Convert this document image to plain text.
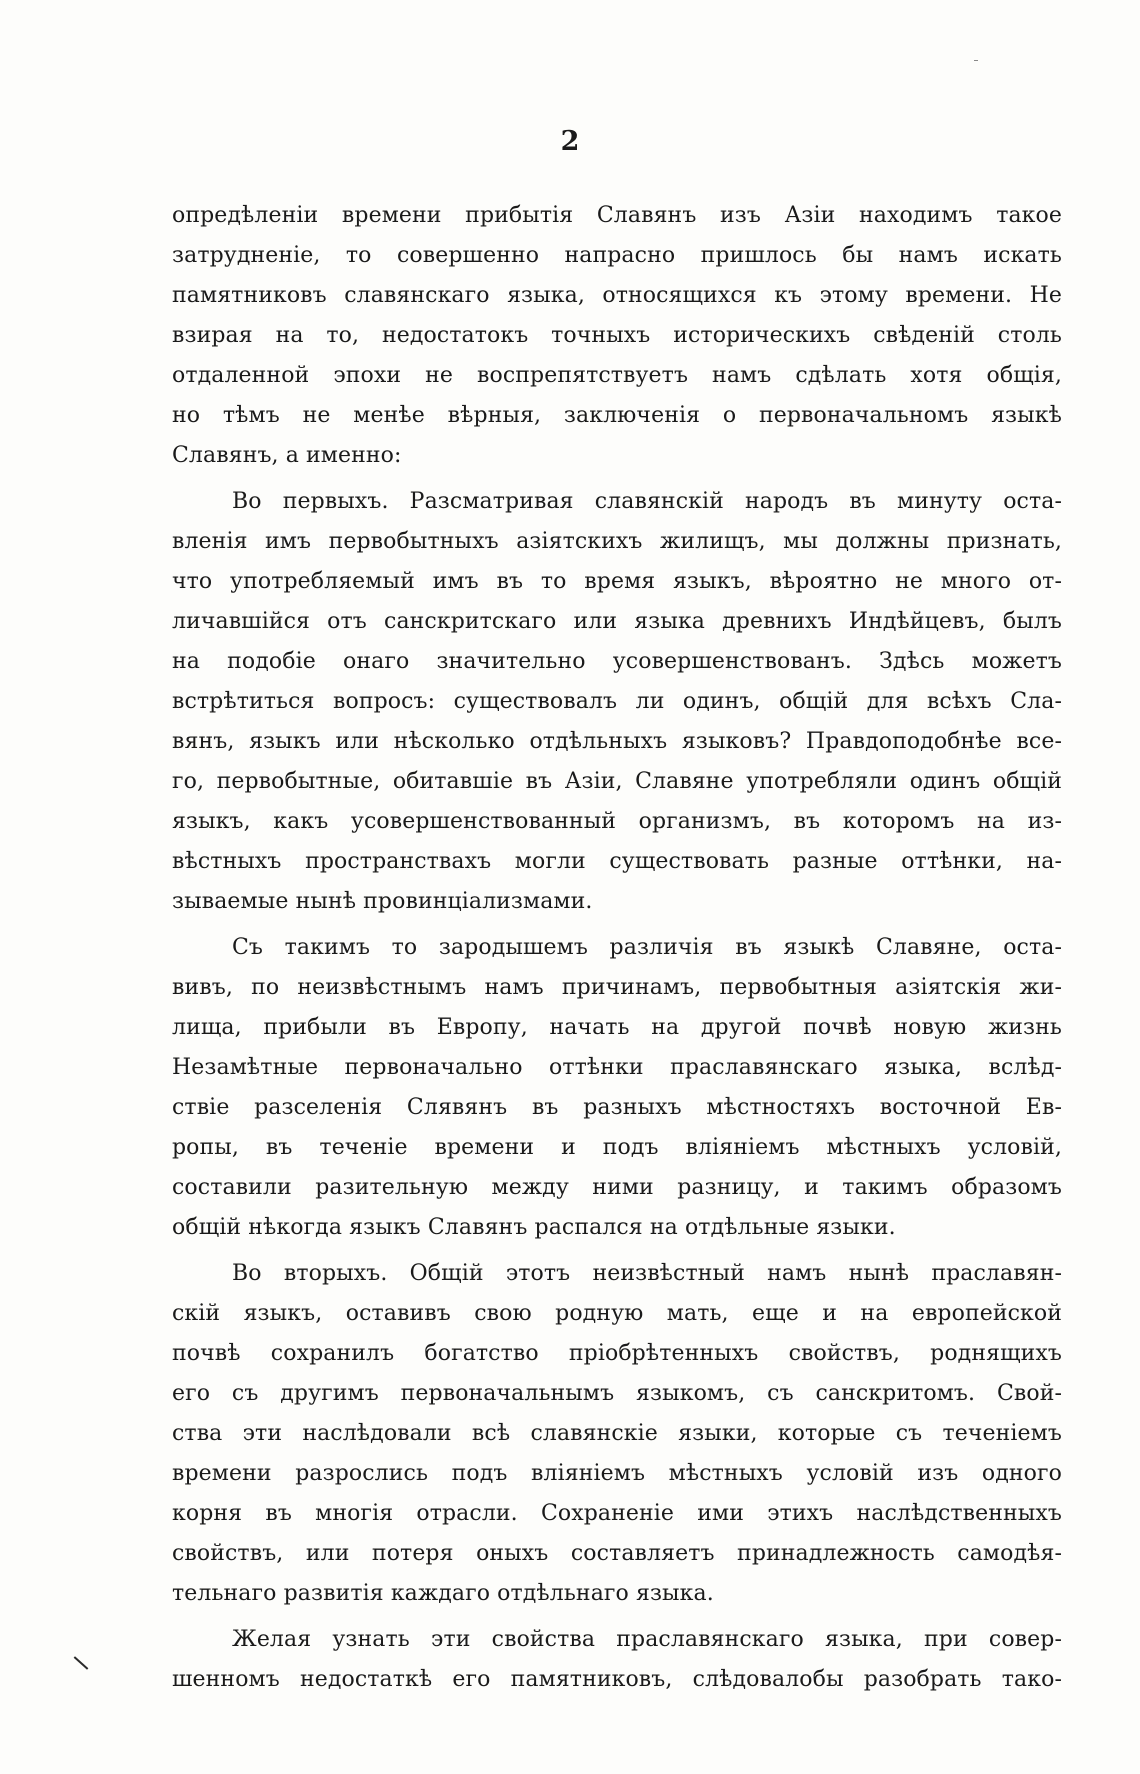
2
опредѣленіи времени прибытія Славянъ изъ Азіи находимъ такое
затрудненіе, то совершенно напрасно пришлось бы намъ искать
памятниковъ славянскаго языка, относящихся къ этому времени. Не
взирая на то, недостатокъ точныхъ историческихъ свѣденій столь
отдаленной эпохи не воспрепятствуетъ намъ сдѣлать хотя общія,
но тѣмъ не менѣе вѣрныя, заключенія о первоначальномъ языкѣ
Славянъ, а именно:
Во первыхъ. Разсматривая славянскій народъ въ минуту оста-
вленія имъ первобытныхъ азіятскихъ жилищъ, мы должны признать,
что употребляемый имъ въ то время языкъ, вѣроятно не много от-
личавшійся отъ санскритскаго или языка древнихъ Индѣйцевъ, былъ
на подобіе онаго значительно усовершенствованъ. Здѣсь можетъ
встрѣтиться вопросъ: существовалъ ли одинъ, общій для всѣхъ Сла-
вянъ, языкъ или нѣсколько отдѣльныхъ языковъ? Правдоподобнѣе все-
го, первобытные, обитавшіе въ Азіи, Славяне употребляли одинъ общій
языкъ, какъ усовершенствованный организмъ, въ которомъ на из-
вѣстныхъ пространствахъ могли существовать разные оттѣнки, на-
зываемые нынѣ провинціализмами.
Съ такимъ то зародышемъ различія въ языкѣ Славяне, оста-
вивъ, по неизвѣстнымъ намъ причинамъ, первобытныя азіятскія жи-
лища, прибыли въ Европу, начать на другой почвѣ новую жизнь
Незамѣтные первоначально оттѣнки праславянскаго языка, вслѣд-
ствіе разселенія Слявянъ въ разныхъ мѣстностяхъ восточной Ев-
ропы, въ теченіе времени и подъ вліяніемъ мѣстныхъ условій,
составили разительную между ними разницу, и такимъ образомъ
общій нѣкогда языкъ Славянъ распался на отдѣльные языки.
Во вторыхъ. Общій этотъ неизвѣстный намъ нынѣ праславян-
скій языкъ, оставивъ свою родную мать, еще и на европейской
почвѣ сохранилъ богатство пріобрѣтенныхъ свойствъ, роднящихъ
его съ другимъ первоначальнымъ языкомъ, съ санскритомъ. Свой-
ства эти наслѣдовали всѣ славянскіе языки, которые съ теченіемъ
времени разрослись подъ вліяніемъ мѣстныхъ условій изъ одного
корня въ многія отрасли. Сохраненіе ими этихъ наслѣдственныхъ
свойствъ, или потеря оныхъ составляетъ принадлежность самодѣя-
тельнаго развитія каждаго отдѣльнаго языка.
Желая узнать эти свойства праславянскаго языка, при совер-
шенномъ недостаткѣ его памятниковъ, слѣдовалобы разобрать тако-
